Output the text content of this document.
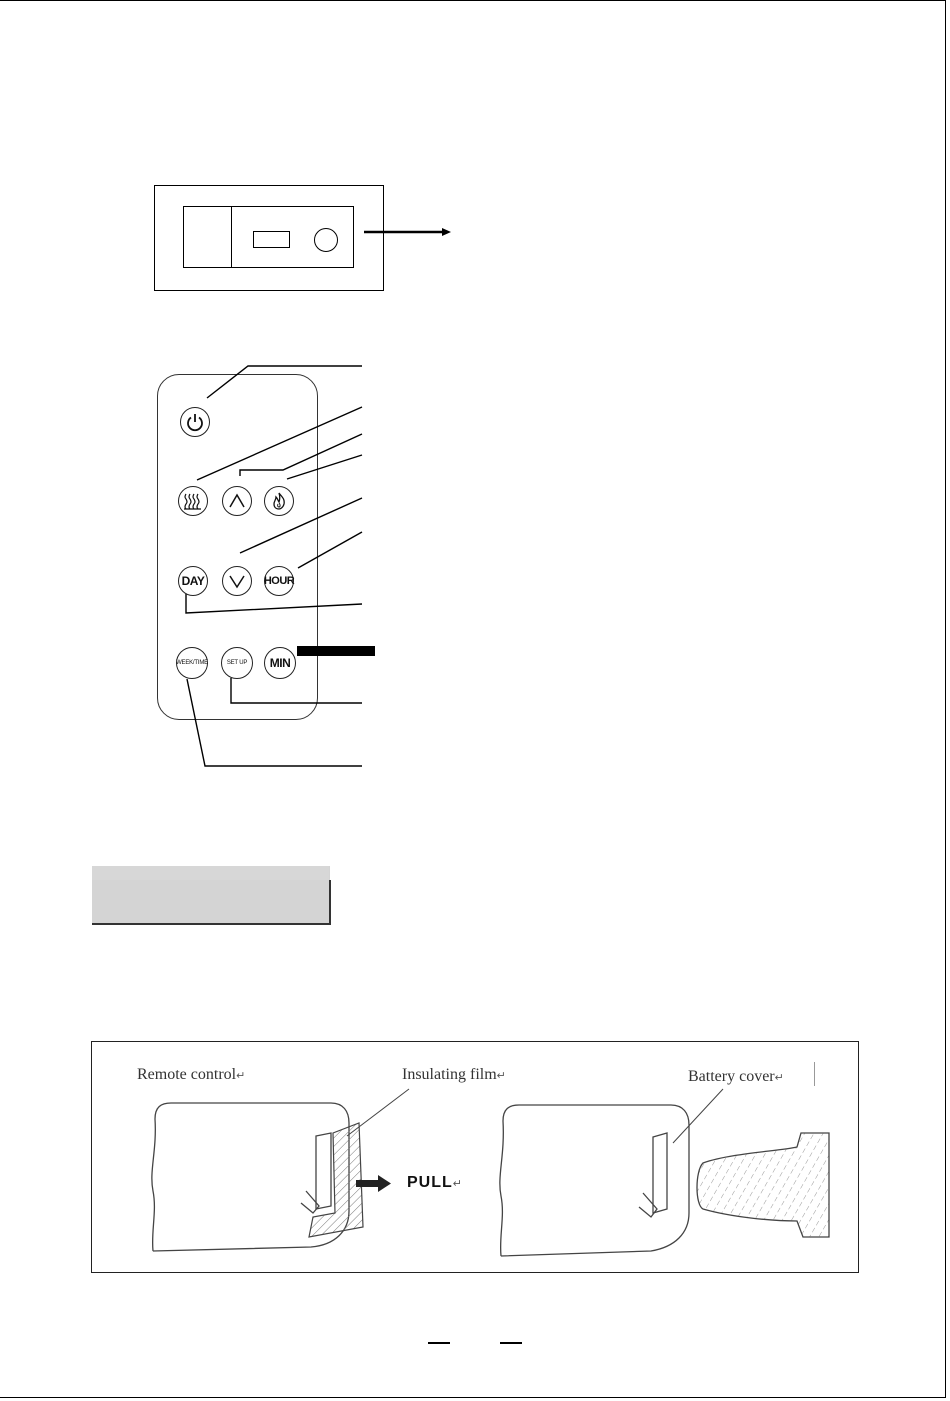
DAY	HOUR
WEEK/TIME	SET UP MIN
Remote control↵	Insulating film↵	Battery cover↵
PULL↵
